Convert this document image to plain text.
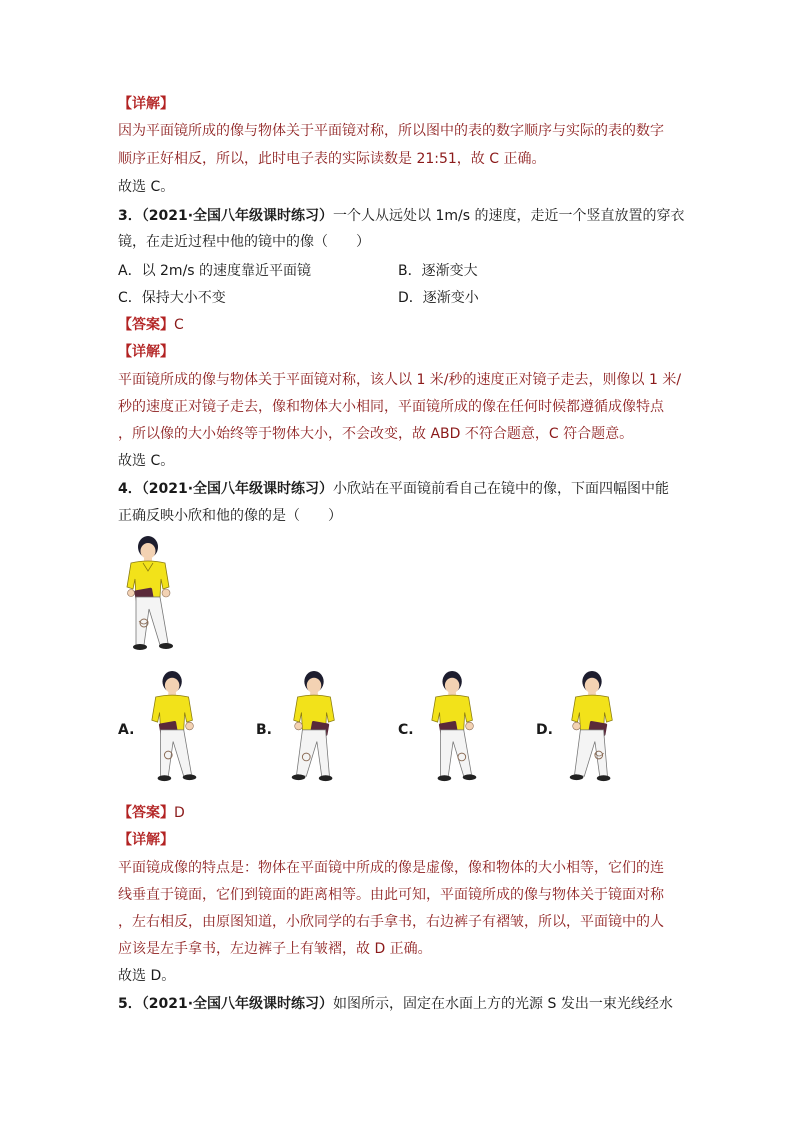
【详解】
因为平面镜所成的像与物体关于平面镜对称，所以图中的表的数字顺序与实际的表的数字
顺序正好相反，所以，此时电子表的实际读数是 21:51，故 C 正确。
故选 C。
3．（2021·全国八年级课时练习）一个人从远处以 1m/s 的速度，走近一个竖直放置的穿衣
镜，在走近过程中他的镜中的像（　　）
A．以 2m/s 的速度靠近平面镜	B．逐渐变大
C．保持大小不变	D．逐渐变小
【答案】C
【详解】
平面镜所成的像与物体关于平面镜对称，该人以 1 米/秒的速度正对镜子走去，则像以 1 米/
秒的速度正对镜子走去，像和物体大小相同，平面镜所成的像在任何时候都遵循成像特点
，所以像的大小始终等于物体大小，不会改变，故 ABD 不符合题意，C 符合题意。
故选 C。
4．（2021·全国八年级课时练习）小欣站在平面镜前看自己在镜中的像，下面四幅图中能
正确反映小欣和他的像的是（　　）
A.	B.	C.	D.
【答案】D
【详解】
平面镜成像的特点是：物体在平面镜中所成的像是虚像，像和物体的大小相等，它们的连
线垂直于镜面，它们到镜面的距离相等。由此可知，平面镜所成的像与物体关于镜面对称
，左右相反，由原图知道，小欣同学的右手拿书，右边裤子有褶皱，所以，平面镜中的人
应该是左手拿书，左边裤子上有皱褶，故 D 正确。
故选 D。
5．（2021·全国八年级课时练习）如图所示，固定在水面上方的光源 S 发出一束光线经水
